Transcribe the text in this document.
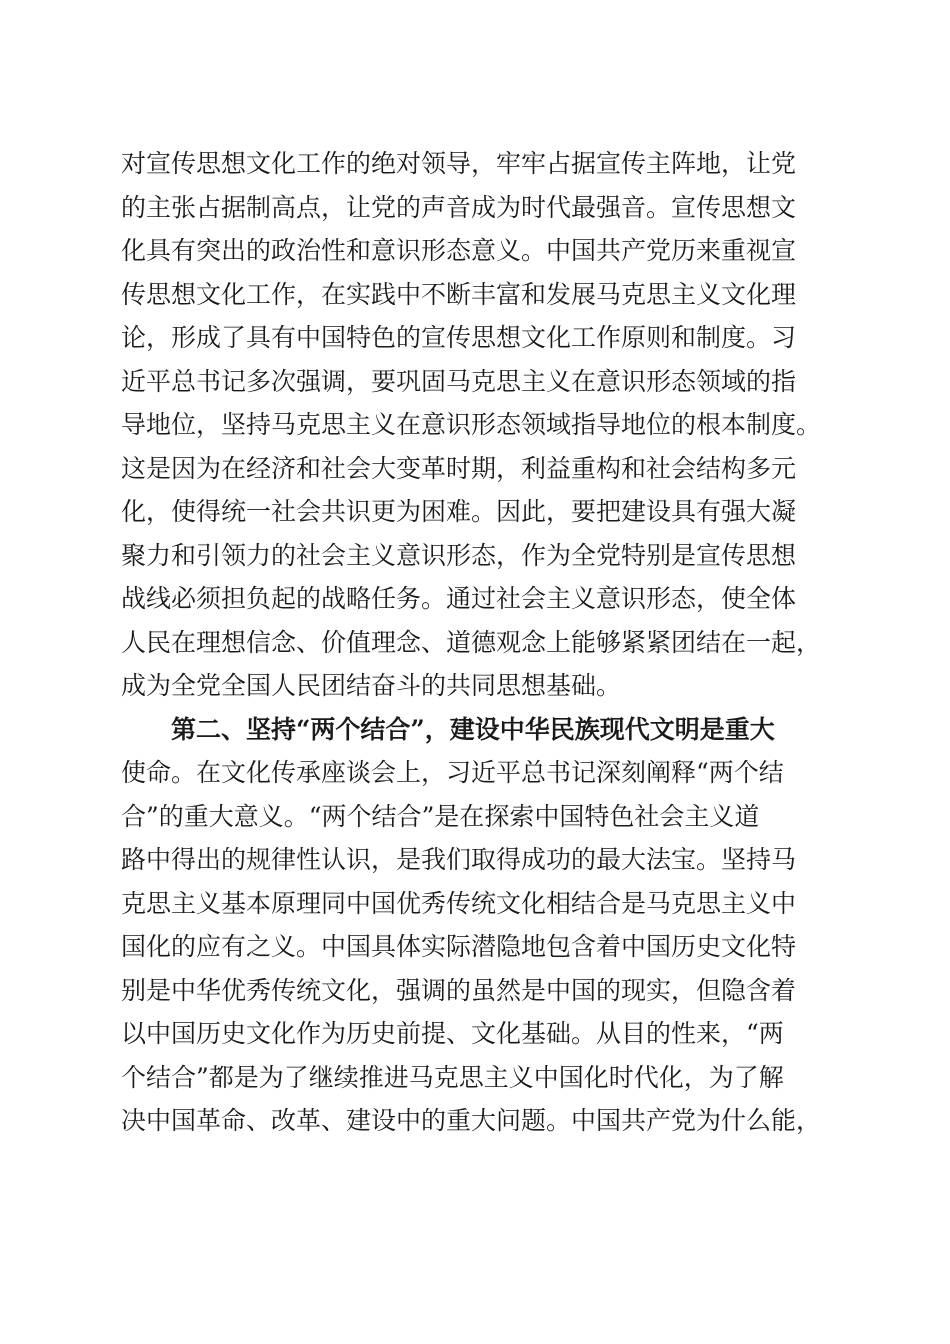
对宣传思想文化工作的绝对领导，牢牢占据宣传主阵地，让党
的主张占据制高点，让党的声音成为时代最强音。宣传思想文
化具有突出的政治性和意识形态意义。中国共产党历来重视宣
传思想文化工作，在实践中不断丰富和发展马克思主义文化理
论，形成了具有中国特色的宣传思想文化工作原则和制度。习
近平总书记多次强调，要巩固马克思主义在意识形态领域的指
导地位，坚持马克思主义在意识形态领域指导地位的根本制度。
这是因为在经济和社会大变革时期，利益重构和社会结构多元
化，使得统一社会共识更为困难。因此，要把建设具有强大凝
聚力和引领力的社会主义意识形态，作为全党特别是宣传思想
战线必须担负起的战略任务。通过社会主义意识形态，使全体
人民在理想信念、价值理念、道德观念上能够紧紧团结在一起，
成为全党全国人民团结奋斗的共同思想基础。
第二、坚持“两个结合”，建设中华民族现代文明是重大
使命。在文化传承座谈会上，习近平总书记深刻阐释“两个结
合”的重大意义。“两个结合”是在探索中国特色社会主义道
路中得出的规律性认识，是我们取得成功的最大法宝。坚持马
克思主义基本原理同中国优秀传统文化相结合是马克思主义中
国化的应有之义。中国具体实际潜隐地包含着中国历史文化特
别是中华优秀传统文化，强调的虽然是中国的现实，但隐含着
以中国历史文化作为历史前提、文化基础。从目的性来，“两
个结合”都是为了继续推进马克思主义中国化时代化，为了解
决中国革命、改革、建设中的重大问题。中国共产党为什么能，
